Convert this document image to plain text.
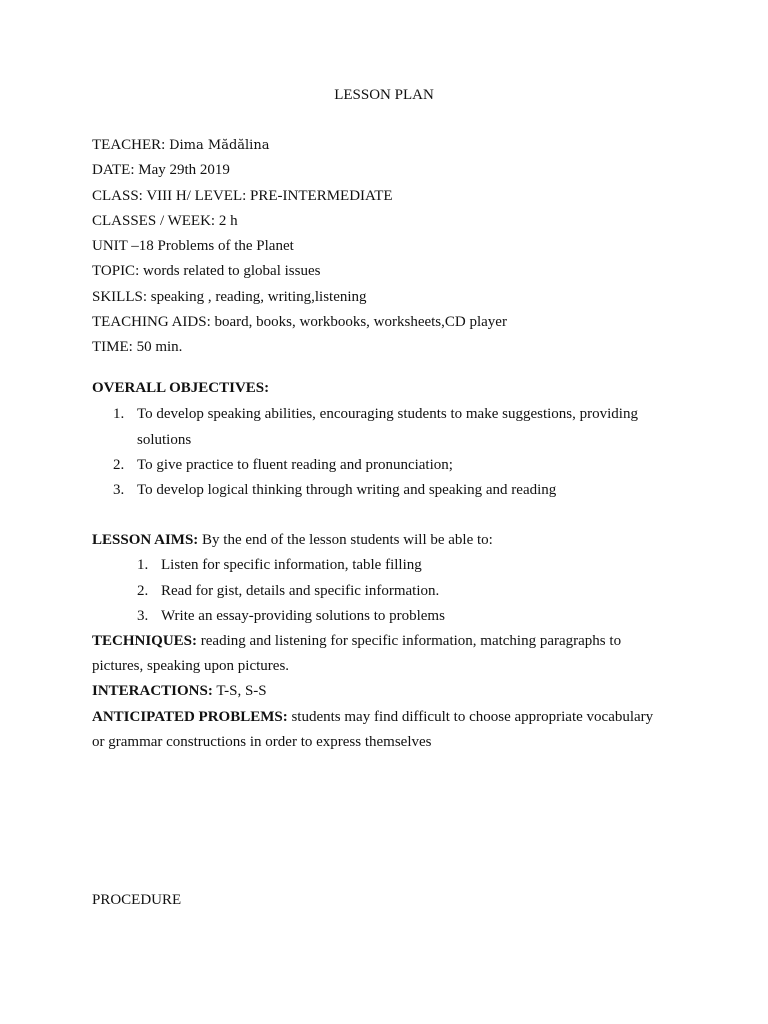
LESSON PLAN
TEACHER: Dima Mădălina
DATE: May 29th 2019
CLASS: VIII H/ LEVEL: PRE-INTERMEDIATE
CLASSES / WEEK: 2 h
UNIT –18 Problems of the Planet
TOPIC: words related to global issues
SKILLS: speaking , reading, writing,listening
TEACHING AIDS: board, books, workbooks, worksheets,CD player
TIME: 50 min.
OVERALL OBJECTIVES:
1. To develop speaking abilities, encouraging students to make suggestions, providing
solutions
2. To give practice to fluent reading and pronunciation;
3. To develop logical thinking through writing and speaking and reading
LESSON AIMS: By the end of the lesson students will be able to:
1. Listen for specific information, table filling
2. Read for gist, details and specific information.
3. Write an essay-providing solutions to problems
TECHNIQUES: reading and listening for specific information, matching paragraphs to
pictures, speaking upon pictures.
INTERACTIONS: T-S, S-S
ANTICIPATED PROBLEMS: students may find difficult to choose appropriate vocabulary
or grammar constructions in order to express themselves
PROCEDURE
